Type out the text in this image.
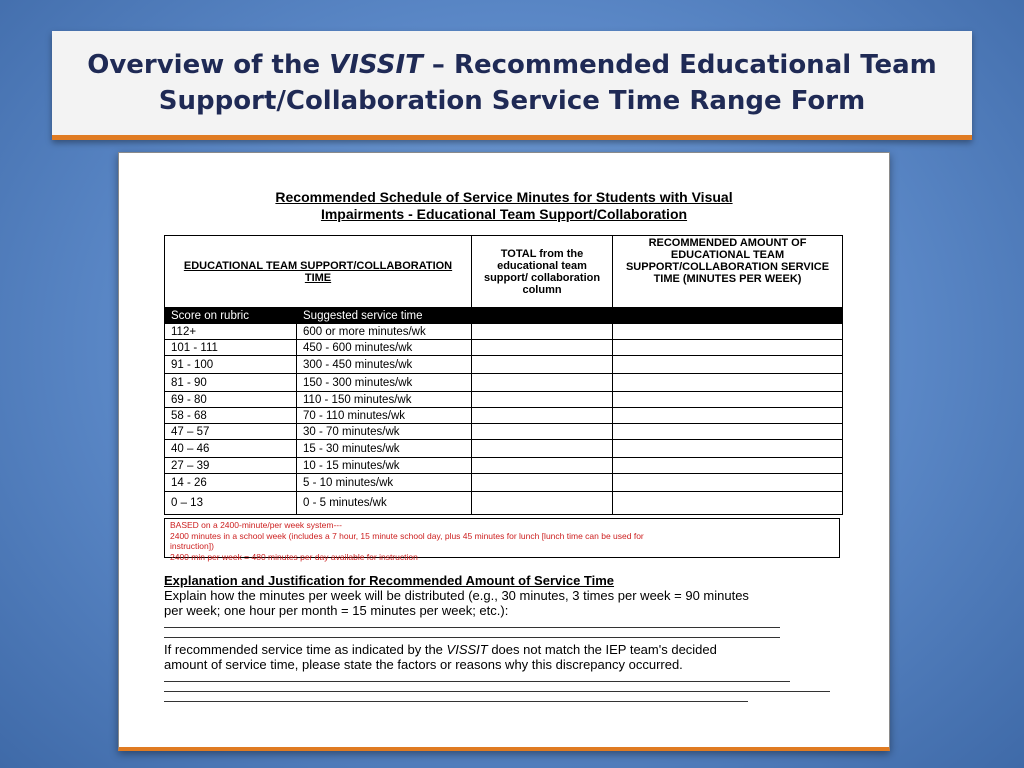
Overview of the VISSIT – Recommended Educational Team
Support/Collaboration Service Time Range Form
Recommended Schedule of Service Minutes for Students with Visual
Impairments - Educational Team Support/Collaboration
EDUCATIONAL TEAM SUPPORT/COLLABORATION TIME		TOTAL from the educational team support/ collaboration column	RECOMMENDED AMOUNT OF EDUCATIONAL TEAM SUPPORT/COLLABORATION SERVICE TIME (MINUTES PER WEEK)
Score on rubric	Suggested service time		
112+	600 or more minutes/wk		
101 - 111	450 - 600 minutes/wk		
91 - 100	300 - 450 minutes/wk		
81 - 90	150 - 300 minutes/wk		
69 - 80	110 - 150 minutes/wk		
58 - 68	70 - 110 minutes/wk		
47 – 57	30 - 70 minutes/wk		
40 – 46	15 - 30 minutes/wk		
27 – 39	10 - 15 minutes/wk		
14 - 26	5 - 10 minutes/wk		
0 – 13	0 - 5 minutes/wk		
BASED on a 2400-minute/per week system---
2400 minutes in a school week (includes a 7 hour, 15 minute school day, plus 45 minutes for lunch [lunch time can be used for
instruction])
2400 min per week = 480 minutes per day available for instruction
Explanation and Justification for Recommended Amount of Service Time
Explain how the minutes per week will be distributed (e.g., 30 minutes, 3 times per week = 90 minutes
per week; one hour per month = 15 minutes per week; etc.):
If recommended service time as indicated by the VISSIT does not match the IEP team's decided
amount of service time, please state the factors or reasons why this discrepancy occurred.
